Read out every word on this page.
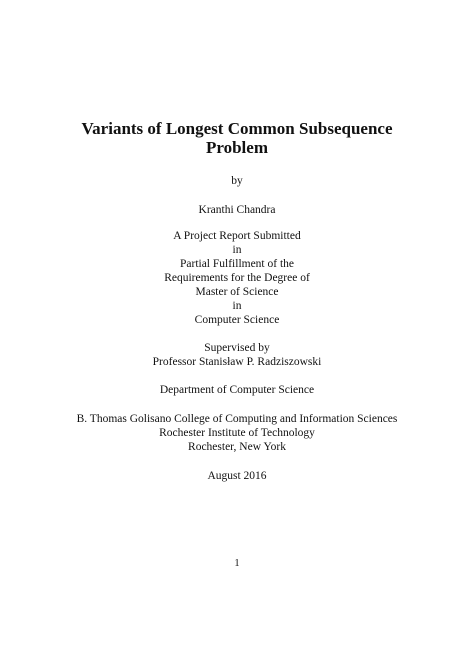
Variants of Longest Common Subsequence
Problem
by
Kranthi Chandra
A Project Report Submitted
in
Partial Fulfillment of the
Requirements for the Degree of
Master of Science
in
Computer Science
Supervised by
Professor Stanisław P. Radziszowski
Department of Computer Science
B. Thomas Golisano College of Computing and Information Sciences
Rochester Institute of Technology
Rochester, New York
August 2016
1
